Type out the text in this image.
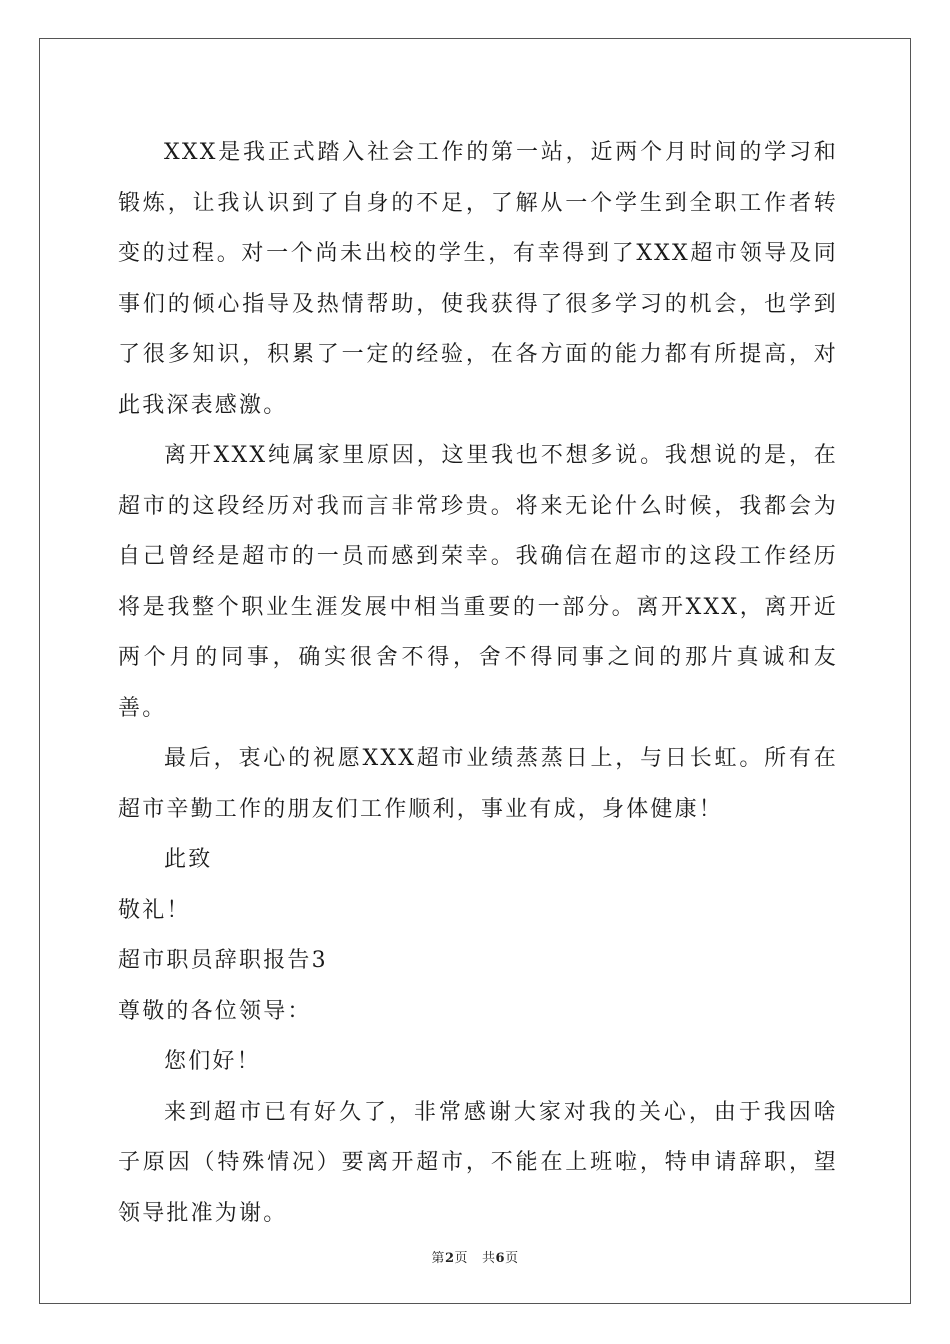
XXX是我正式踏入社会工作的第一站，近两个月时间的学习和锻炼，让我认识到了自身的不足，了解从一个学生到全职工作者转变的过程。对一个尚未出校的学生，有幸得到了XXX超市领导及同事们的倾心指导及热情帮助，使我获得了很多学习的机会，也学到了很多知识，积累了一定的经验，在各方面的能力都有所提高，对此我深表感激。

离开XXX纯属家里原因，这里我也不想多说。我想说的是，在超市的这段经历对我而言非常珍贵。将来无论什么时候，我都会为自己曾经是超市的一员而感到荣幸。我确信在超市的这段工作经历将是我整个职业生涯发展中相当重要的一部分。离开XXX，离开近两个月的同事，确实很舍不得，舍不得同事之间的那片真诚和友善。

最后，衷心的祝愿XXX超市业绩蒸蒸日上，与日长虹。所有在超市辛勤工作的朋友们工作顺利，事业有成，身体健康！

此致

敬礼！

超市职员辞职报告3

尊敬的各位领导：

您们好！

来到超市已有好久了，非常感谢大家对我的关心，由于我因啥子原因（特殊情况）要离开超市，不能在上班啦，特申请辞职，望领导批准为谢。

第2页 共6页
